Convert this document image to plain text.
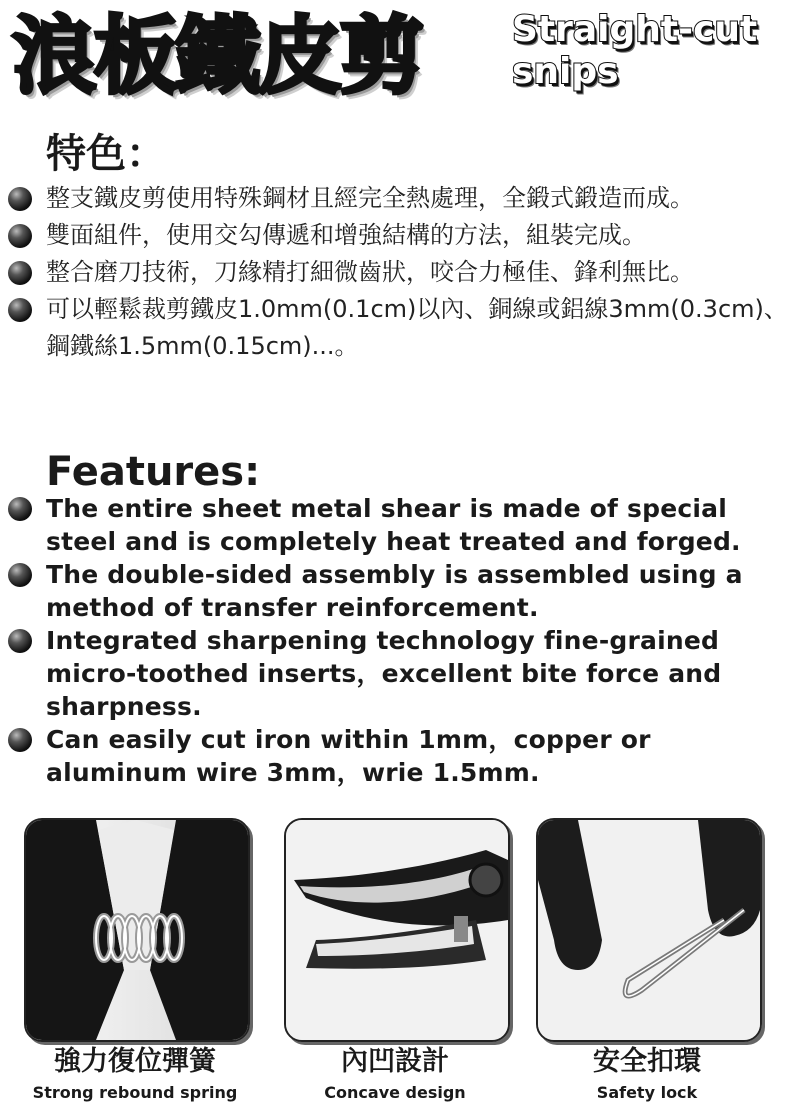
浪板鐵皮剪 Straight-cut
snips
特色：
整支鐵皮剪使用特殊鋼材且經完全熱處理，全鍛式鍛造而成。
雙面組件，使用交勾傳遞和增強結構的方法，組裝完成。
整合磨刀技術，刀緣精打細微齒狀，咬合力極佳、鋒利無比。
可以輕鬆裁剪鐵皮1.0mm(0.1cm)以內、銅線或鋁線3mm(0.3cm)、鋼鐵絲1.5mm(0.15cm)...。
Features:
The entire sheet metal shear is made of special steel and is completely heat treated and forged.
The double-sided assembly is assembled using a method of transfer reinforcement.
Integrated sharpening technology fine-grained micro-toothed inserts，excellent bite force and sharpness.
Can easily cut iron within 1mm，copper or aluminum wire 3mm，wrie 1.5mm.
強力復位彈簧
Strong rebound spring
內凹設計
Concave design
安全扣環
Safety lock
